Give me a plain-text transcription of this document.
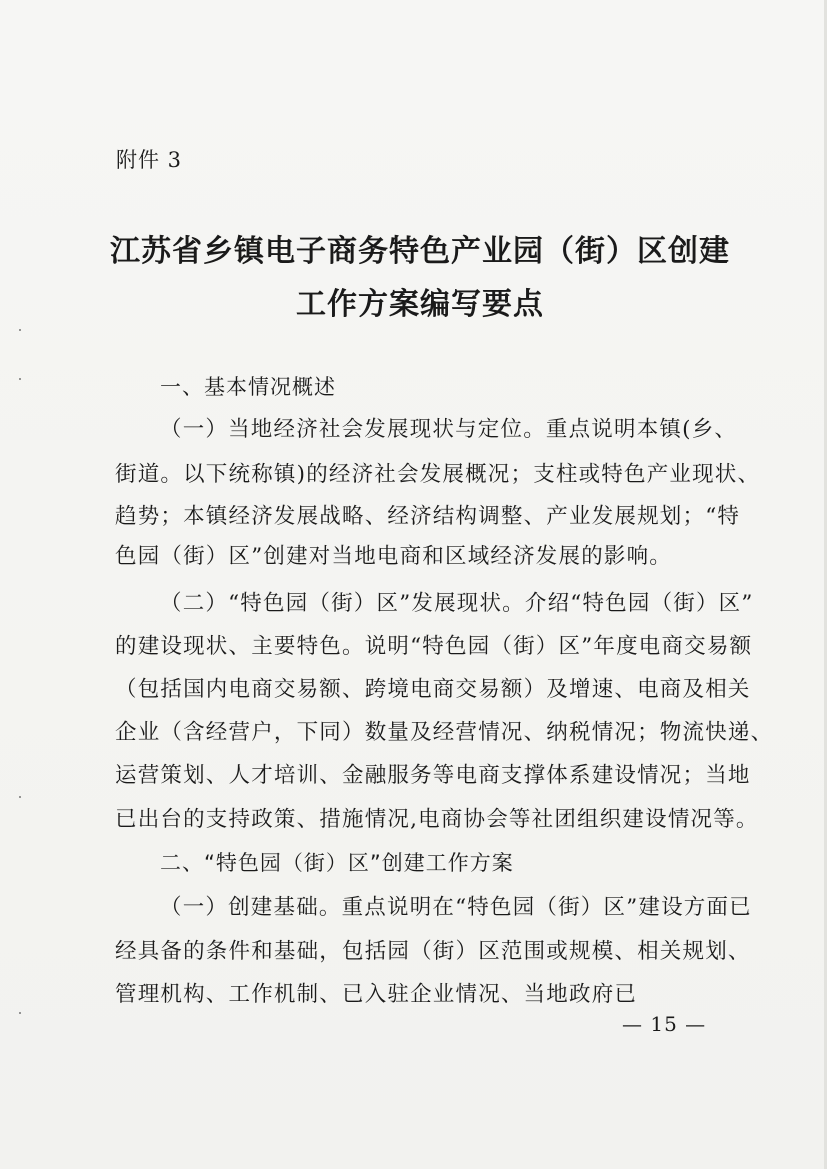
附件 3
江苏省乡镇电子商务特色产业园（街）区创建
工作方案编写要点
一、基本情况概述
（一）当地经济社会发展现状与定位。重点说明本镇(乡、
街道。以下统称镇)的经济社会发展概况；支柱或特色产业现状、
趋势；本镇经济发展战略、经济结构调整、产业发展规划；“特
色园（街）区”创建对当地电商和区域经济发展的影响。
（二）“特色园（街）区”发展现状。介绍“特色园（街）区”
的建设现状、主要特色。说明“特色园（街）区”年度电商交易额
（包括国内电商交易额、跨境电商交易额）及增速、电商及相关
企业（含经营户，下同）数量及经营情况、纳税情况；物流快递、
运营策划、人才培训、金融服务等电商支撑体系建设情况；当地
已出台的支持政策、措施情况,电商协会等社团组织建设情况等。
二、“特色园（街）区”创建工作方案
（一）创建基础。重点说明在“特色园（街）区”建设方面已
经具备的条件和基础，包括园（街）区范围或规模、相关规划、
管理机构、工作机制、已入驻企业情况、当地政府已
— 15 —
